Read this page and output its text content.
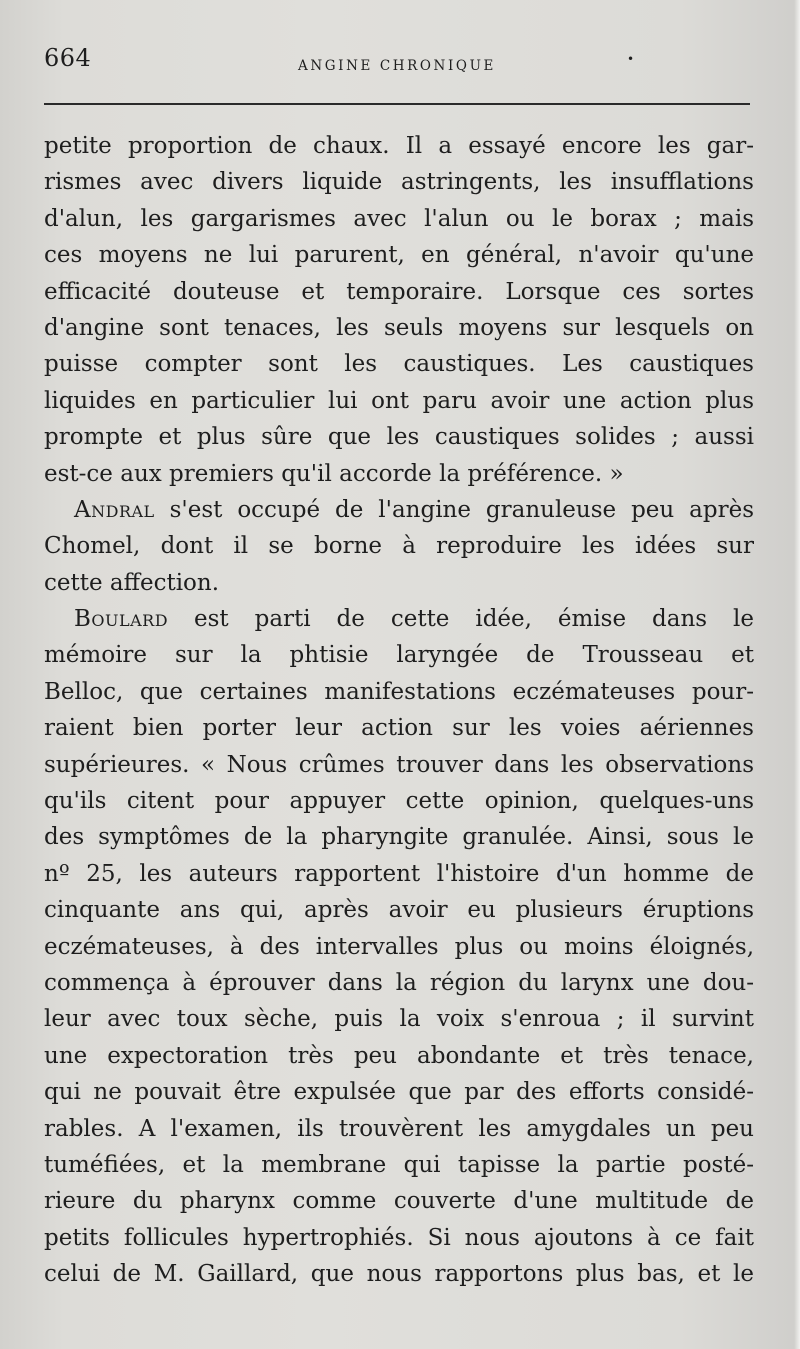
664	ANGINE CHRONIQUE	•
petite proportion de chaux. Il a essayé encore les gar-
rismes avec divers liquide astringents, les insufflations
d'alun, les gargarismes avec l'alun ou le borax ; mais
ces moyens ne lui parurent, en général, n'avoir qu'une
efficacité douteuse et temporaire. Lorsque ces sortes
d'angine sont tenaces, les seuls moyens sur lesquels on
puisse compter sont les caustiques. Les caustiques
liquides en particulier lui ont paru avoir une action plus
prompte et plus sûre que les caustiques solides ; aussi
est-ce aux premiers qu'il accorde la préférence. »
Andral s'est occupé de l'angine granuleuse peu après
Chomel, dont il se borne à reproduire les idées sur
cette affection.
Boulard est parti de cette idée, émise dans le
mémoire sur la phtisie laryngée de Trousseau et
Belloc, que certaines manifestations eczémateuses pour-
raient bien porter leur action sur les voies aériennes
supérieures. « Nous crûmes trouver dans les observations
qu'ils citent pour appuyer cette opinion, quelques-uns
des symptômes de la pharyngite granulée. Ainsi, sous le
nº 25, les auteurs rapportent l'histoire d'un homme de
cinquante ans qui, après avoir eu plusieurs éruptions
eczémateuses, à des intervalles plus ou moins éloignés,
commença à éprouver dans la région du larynx une dou-
leur avec toux sèche, puis la voix s'enroua ; il survint
une expectoration très peu abondante et très tenace,
qui ne pouvait être expulsée que par des efforts considé-
rables. A l'examen, ils trouvèrent les amygdales un peu
tuméfiées, et la membrane qui tapisse la partie posté-
rieure du pharynx comme couverte d'une multitude de
petits follicules hypertrophiés. Si nous ajoutons à ce fait
celui de M. Gaillard, que nous rapportons plus bas, et le
